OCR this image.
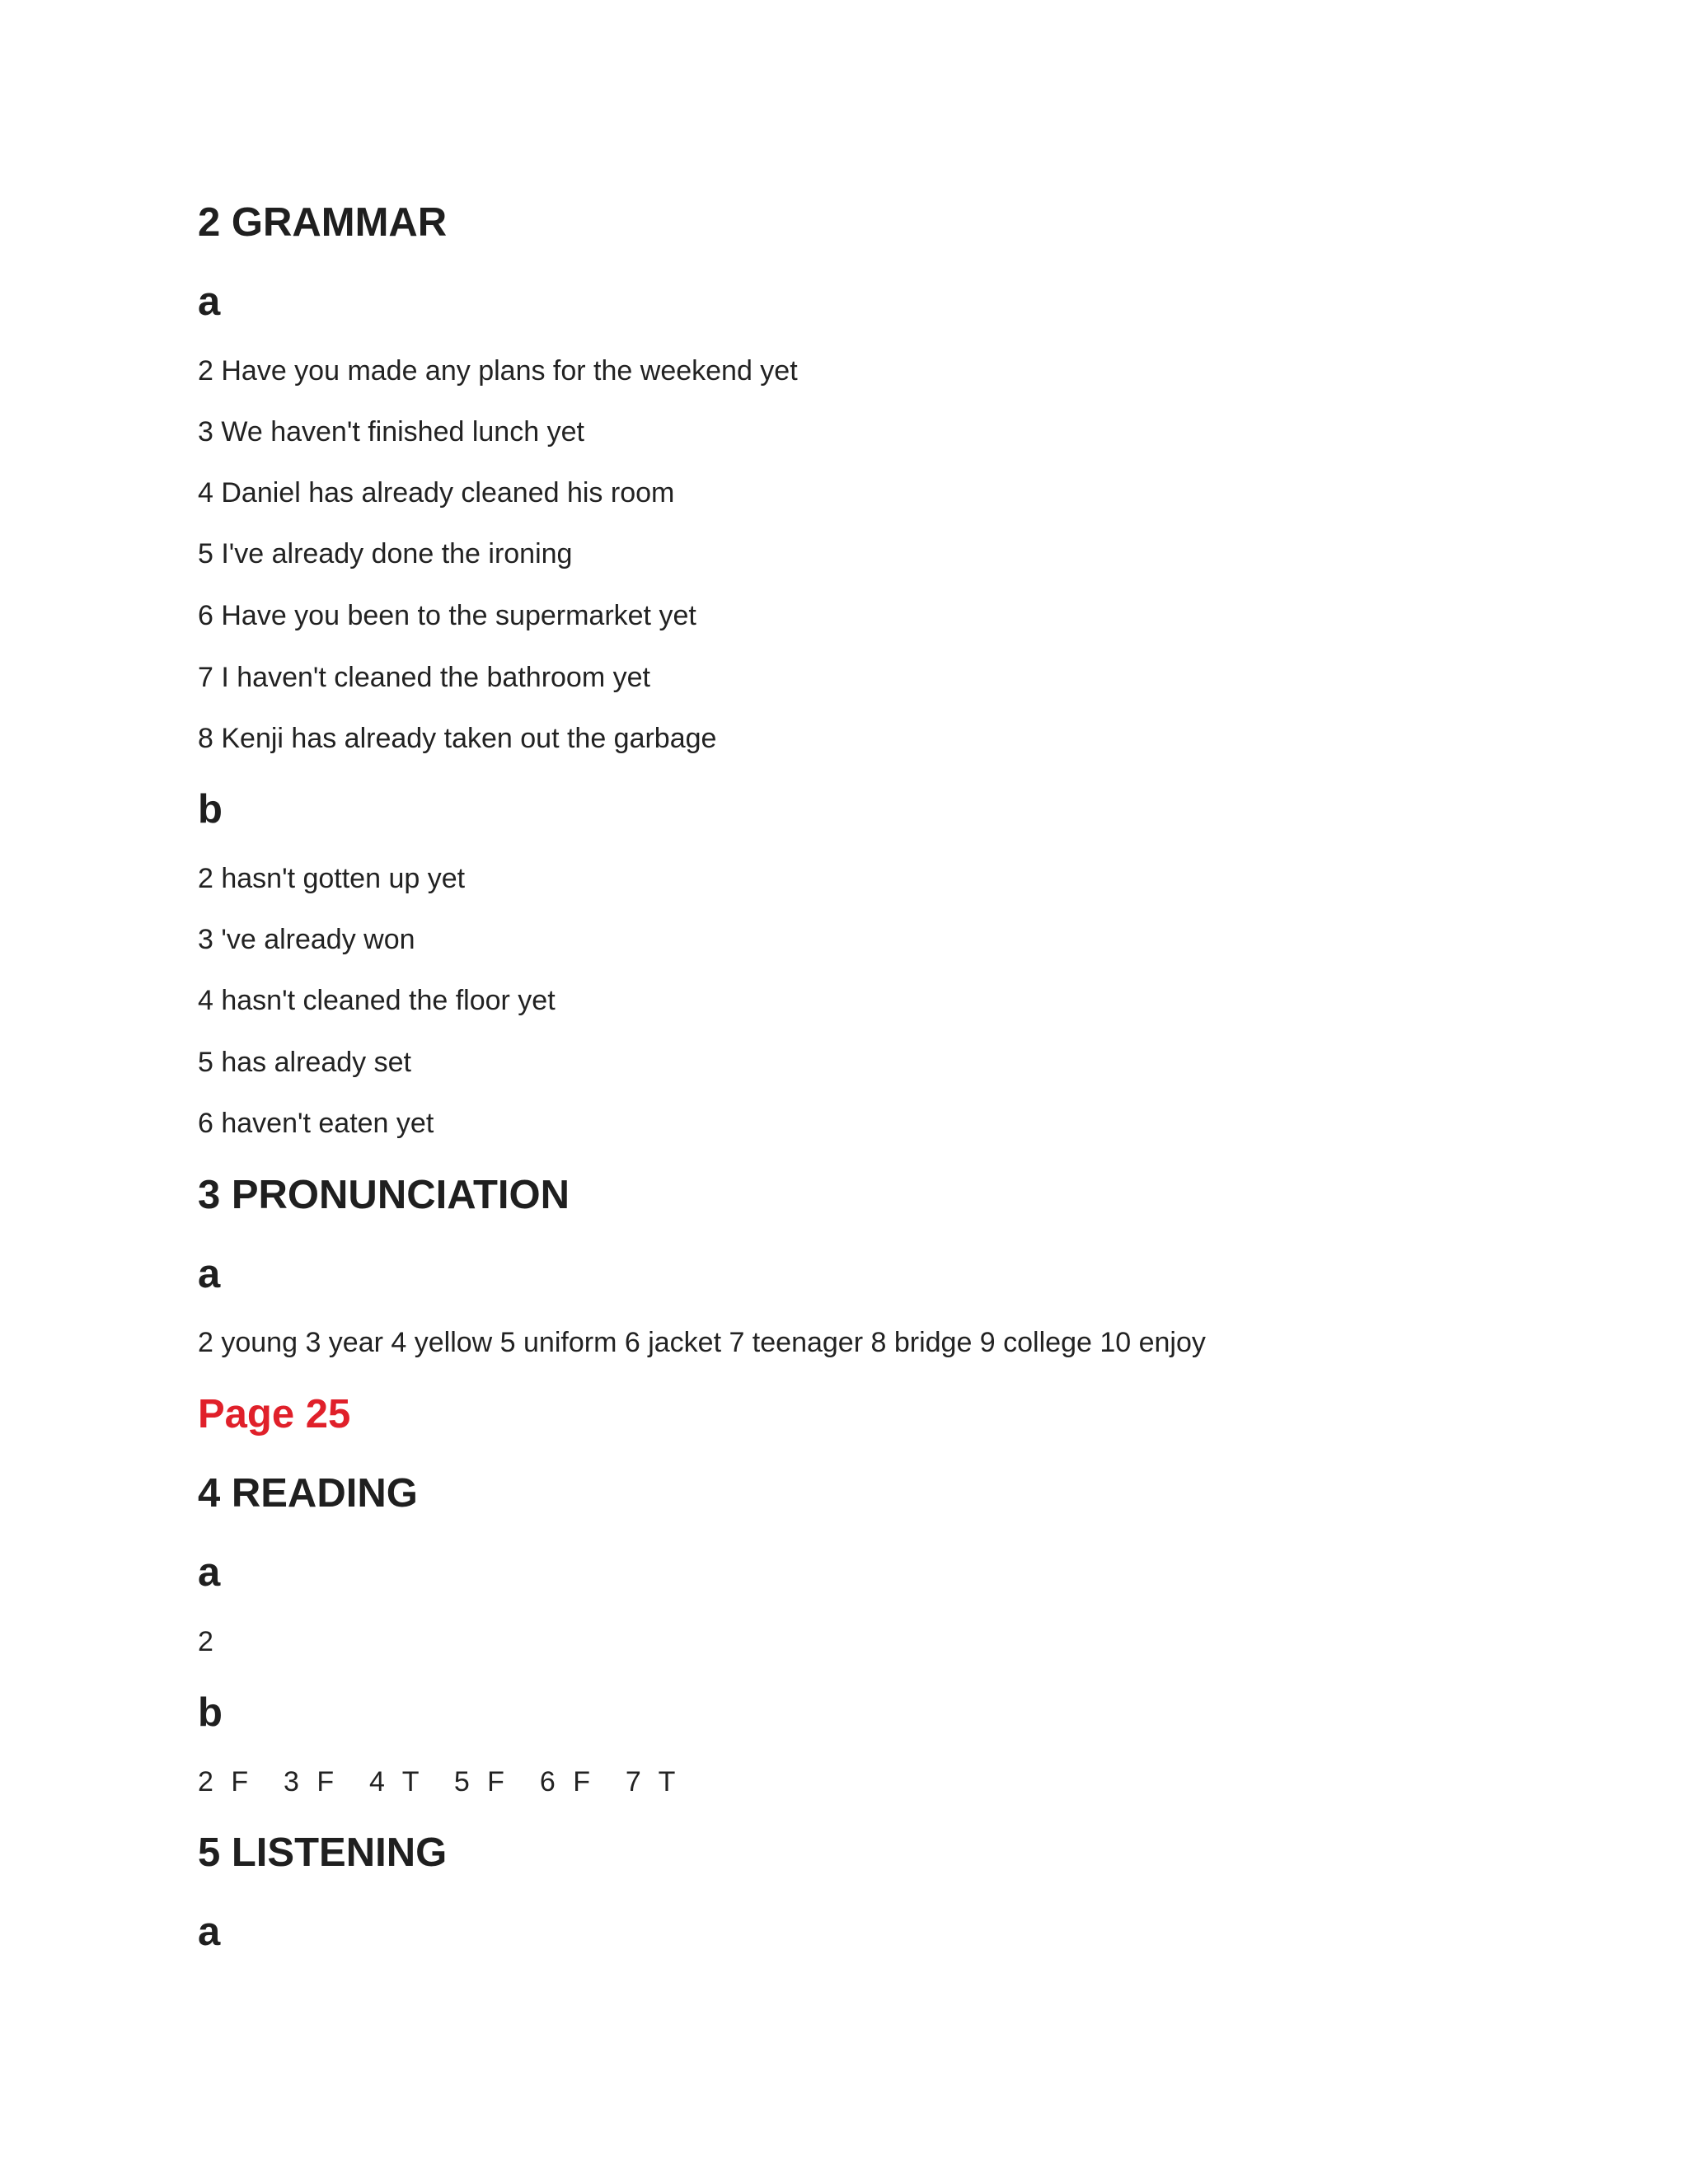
2 GRAMMAR
a

2 Have you made any plans for the weekend yet

3 We haven't finished lunch yet

4 Daniel has already cleaned his room

5 I've already done the ironing

6 Have you been to the supermarket yet

7 I haven't cleaned the bathroom yet

8 Kenji has already taken out the garbage

b

2 hasn't gotten up yet

3 've already won

4 hasn't cleaned the floor yet

5 has already set

6 haven't eaten yet

3 PRONUNCIATION
a

2 young 3 year 4 yellow 5 uniform 6 jacket 7 teenager 8 bridge 9 college 10 enjoy

Page 25
4 READING
a

2

b

2 F  3 F  4 T  5 F  6 F  7 T

5 LISTENING
a
